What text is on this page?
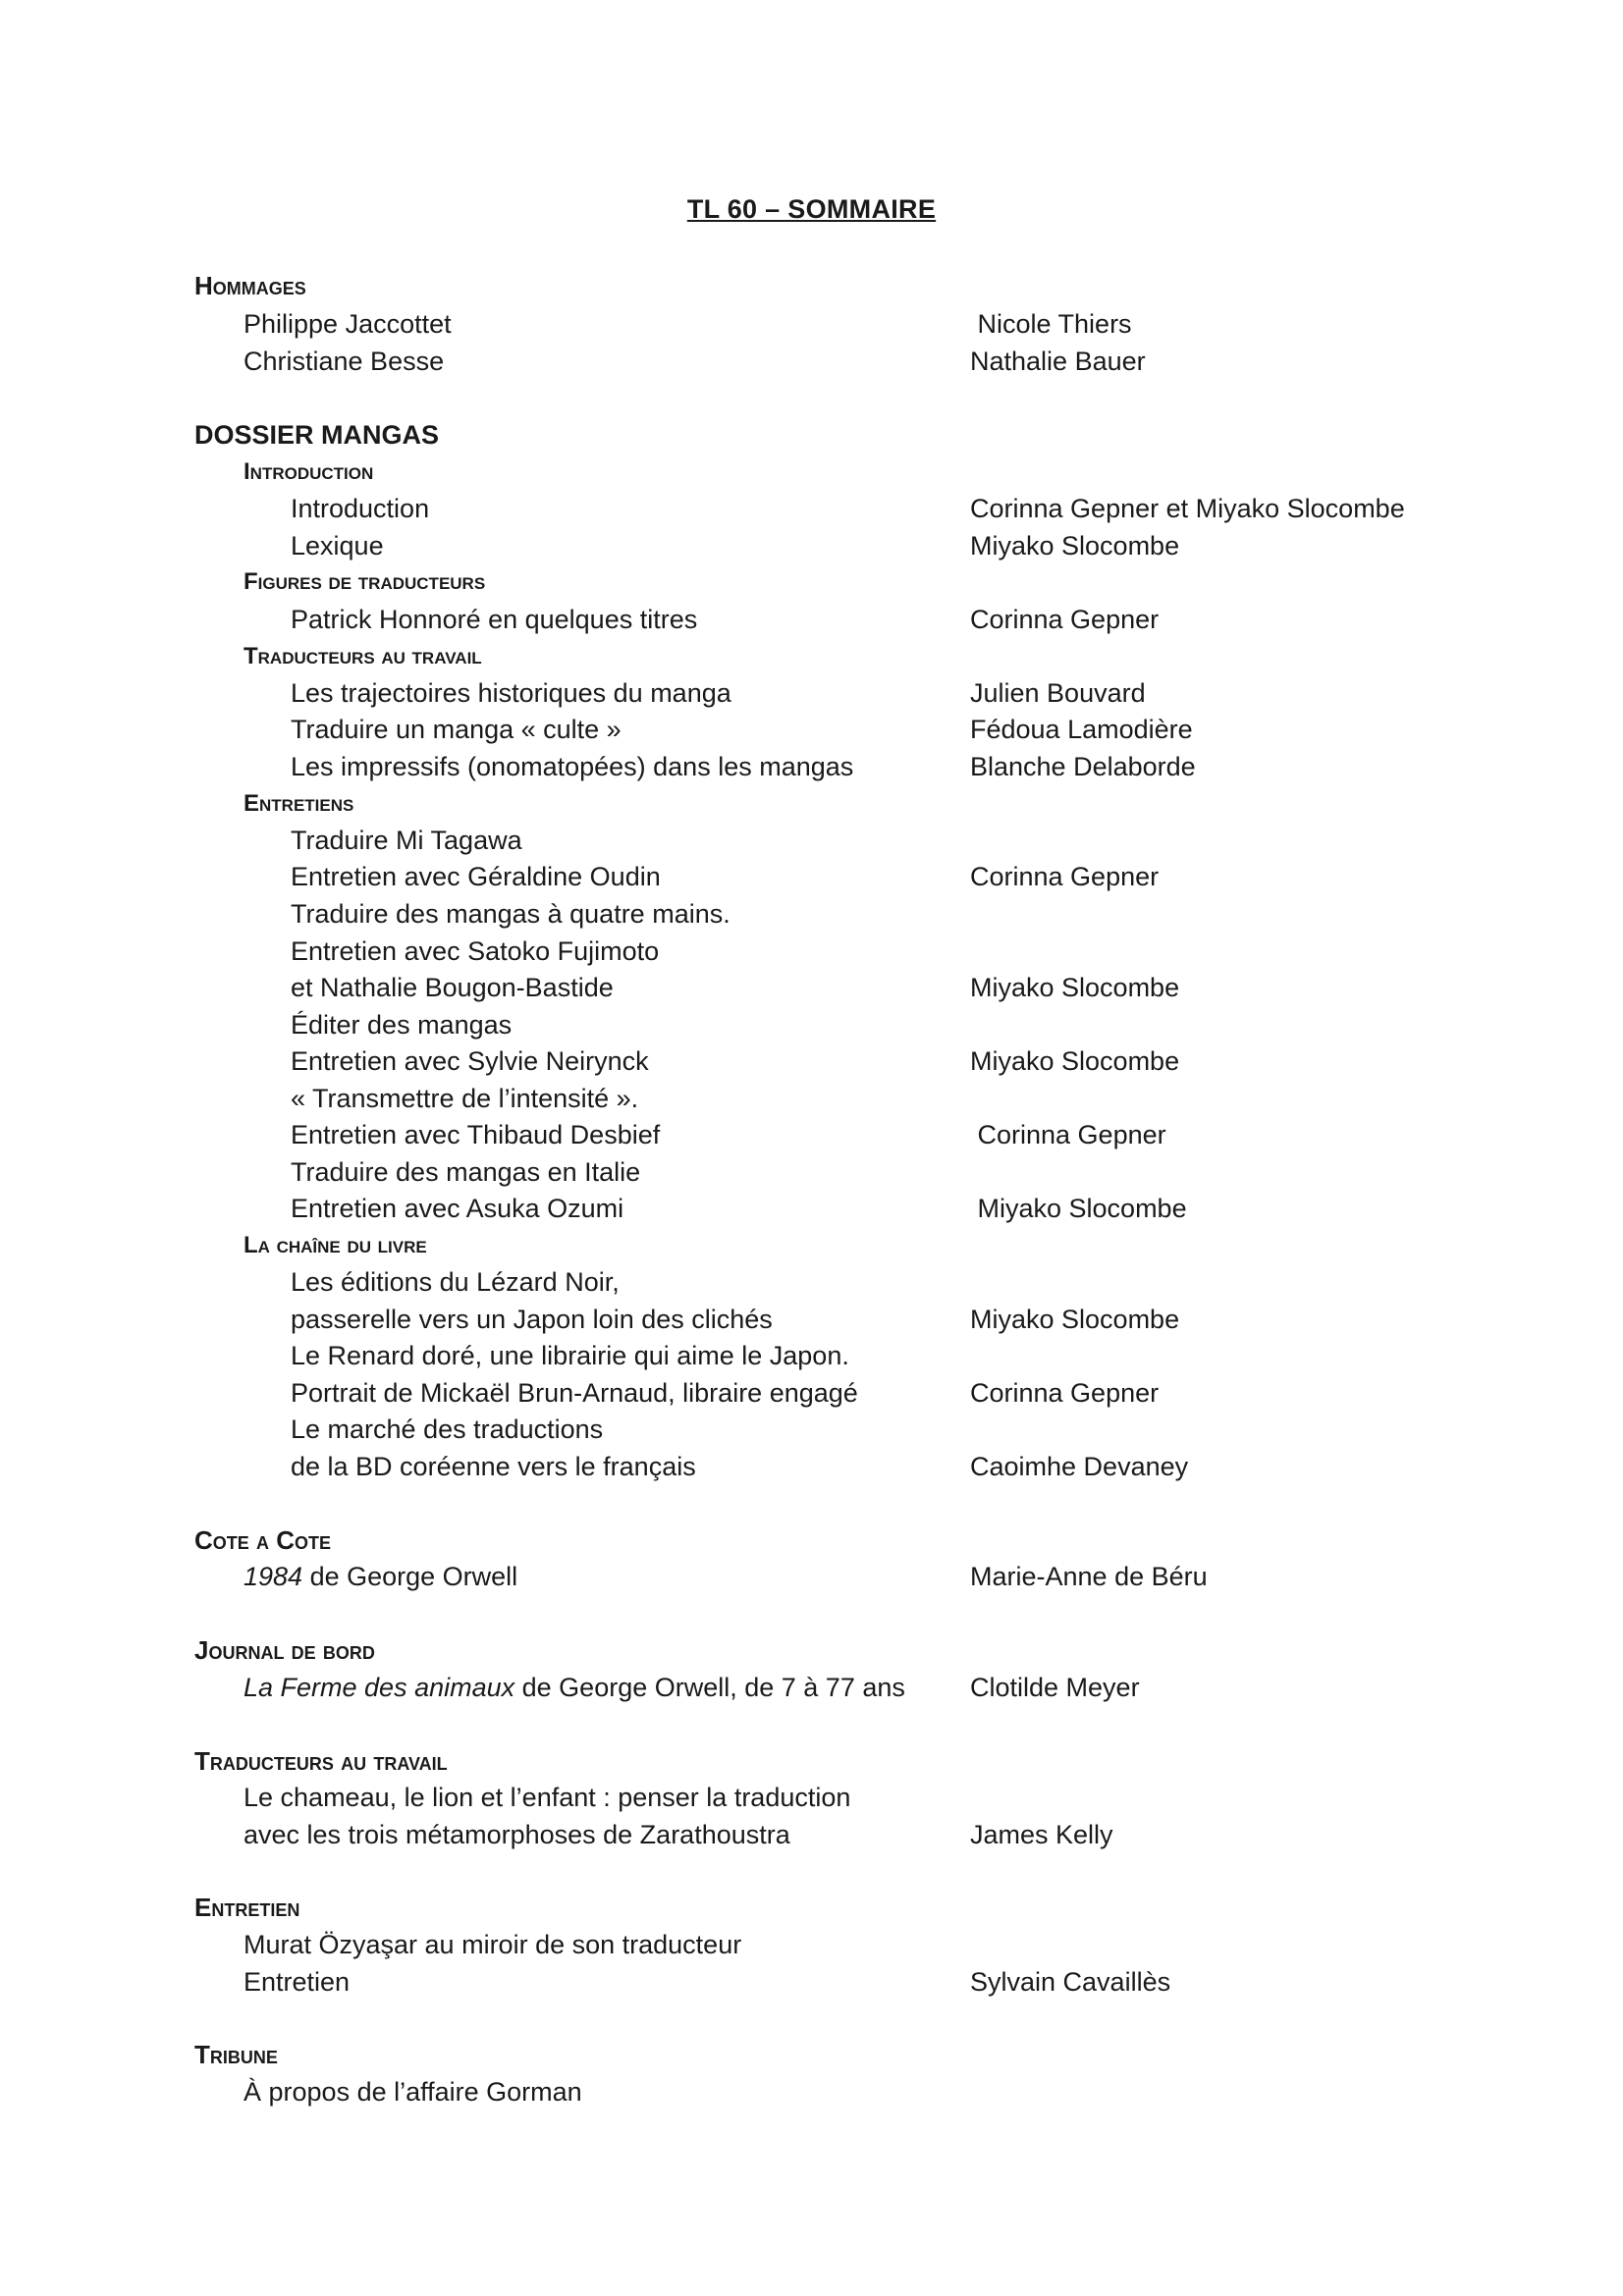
TL 60 – SOMMAIRE
Hommages
Philippe Jaccottet	Nicole Thiers
Christiane Besse	Nathalie Bauer
DOSSIER MANGAS
Introduction
Introduction	Corinna Gepner et Miyako Slocombe
Lexique	Miyako Slocombe
Figures de traducteurs
Patrick Honnoré en quelques titres	Corinna Gepner
Traducteurs au travail
Les trajectoires historiques du manga	Julien Bouvard
Traduire un manga « culte »	Fédoua Lamodière
Les impressifs (onomatopées) dans les mangas	Blanche Delaborde
Entretiens
Traduire Mi Tagawa
Entretien avec Géraldine Oudin	Corinna Gepner
Traduire des mangas à quatre mains.
Entretien avec Satoko Fujimoto
et Nathalie Bougon-Bastide	Miyako Slocombe
Éditer des mangas
Entretien avec Sylvie Neirynck	Miyako Slocombe
« Transmettre de l’intensité ».
Entretien avec Thibaud Desbief	Corinna Gepner
Traduire des mangas en Italie
Entretien avec Asuka Ozumi	Miyako Slocombe
La chaîne du livre
Les éditions du Lézard Noir,
passerelle vers un Japon loin des clichés	Miyako Slocombe
Le Renard doré, une librairie qui aime le Japon.
Portrait de Mickaël Brun-Arnaud, libraire engagé	Corinna Gepner
Le marché des traductions
de la BD coréenne vers le français	Caoimhe Devaney
Cote a Cote
1984 de George Orwell	Marie-Anne de Béru
Journal de bord
La Ferme des animaux de George Orwell, de 7 à 77 ans Clotilde Meyer
Traducteurs au travail
Le chameau, le lion et l’enfant : penser la traduction
avec les trois métamorphoses de Zarathoustra	James Kelly
Entretien
Murat Özyaşar au miroir de son traducteur
Entretien	Sylvain Cavaillès
Tribune
À propos de l’affaire Gorman
